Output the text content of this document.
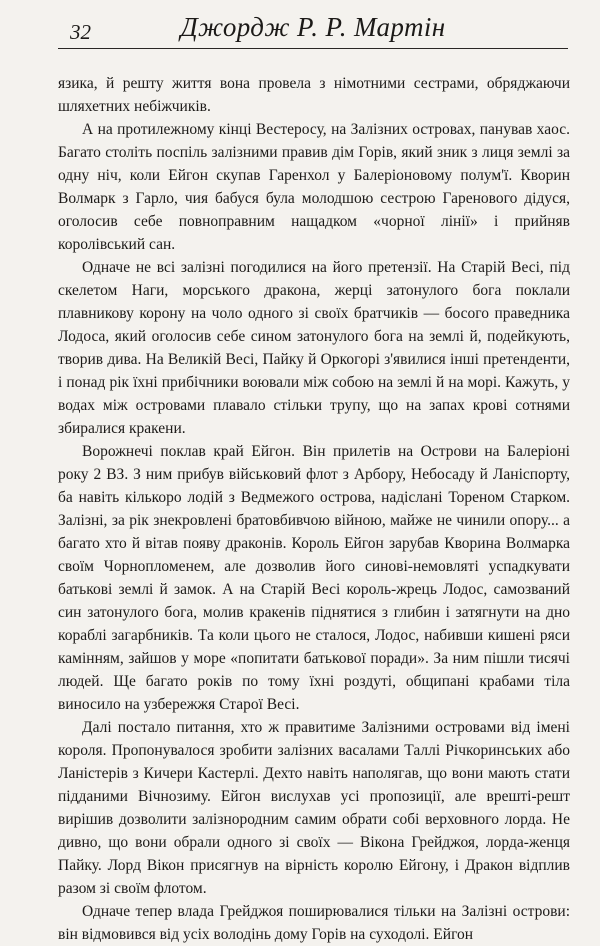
32	Джордж Р. Р. Мартін

язика, й решту життя вона провела з німотними сестрами, обряджаючи шляхетних небіжчиків.

А на протилежному кінці Вестеросу, на Залізних островах, панував хаос. Багато століть поспіль залізними правив дім Горів, який зник з лиця землі за одну ніч, коли Ейгон скупав Гаренхол у Балеріоновому полум'ї. Кворин Волмарк з Гарло, чия бабуся була молодшою сестрою Гаренового дідуся, оголосив себе повноправним нащадком «чорної лінії» і прийняв королівський сан.

Одначе не всі залізні погодилися на його претензії. На Старій Весі, під скелетом Наги, морського дракона, жерці затонулого бога поклали плавникову корону на чоло одного зі своїх братчиків — босого праведника Лодоса, який оголосив себе сином затонулого бога на землі й, подейкують, творив дива. На Великій Весі, Пайку й Оркогорі з'явилися інші претенденти, і понад рік їхні прибічники воювали між собою на землі й на морі. Кажуть, у водах між островами плавало стільки трупу, що на запах крові сотнями збиралися кракени.

Ворожнечі поклав край Ейгон. Він прилетів на Острови на Балеріоні року 2 ВЗ. З ним прибув військовий флот з Арбору, Небосаду й Ланіспорту, ба навіть кількоро лодій з Ведмежого острова, надіслані Тореном Старком. Залізні, за рік знекровлені братовбивчою війною, майже не чинили опору... а багато хто й вітав появу драконів. Король Ейгон зарубав Кворина Волмарка своїм Чорнопломенем, але дозволив його синові-немовляті успадкувати батькові землі й замок. А на Старій Весі король-жрець Лодос, самозваний син затонулого бога, молив кракенів піднятися з глибин і затягнути на дно кораблі загарбників. Та коли цього не сталося, Лодос, набивши кишені ряси камінням, зайшов у море «попитати батькової поради». За ним пішли тисячі людей. Ще багато років по тому їхні роздуті, общипані крабами тіла виносило на узбережжя Старої Весі.

Далі постало питання, хто ж правитиме Залізними островами від імені короля. Пропонувалося зробити залізних васалами Таллі Річкоринських або Ланістерів з Кичери Кастерлі. Дехто навіть наполягав, що вони мають стати підданими Вічнозиму. Ейгон вислухав усі пропозиції, але врешті-решт вирішив дозволити залізнородним самим обрати собі верховного лорда. Не дивно, що вони обрали одного зі своїх — Вікона Грейджоя, лорда-женця Пайку. Лорд Вікон присягнув на вірність королю Ейгону, і Дракон відплив разом зі своїм флотом.

Одначе тепер влада Грейджоя поширювалися тільки на Залізні острови: він відмовився від усіх володінь дому Горів на суходолі. Ейгон
